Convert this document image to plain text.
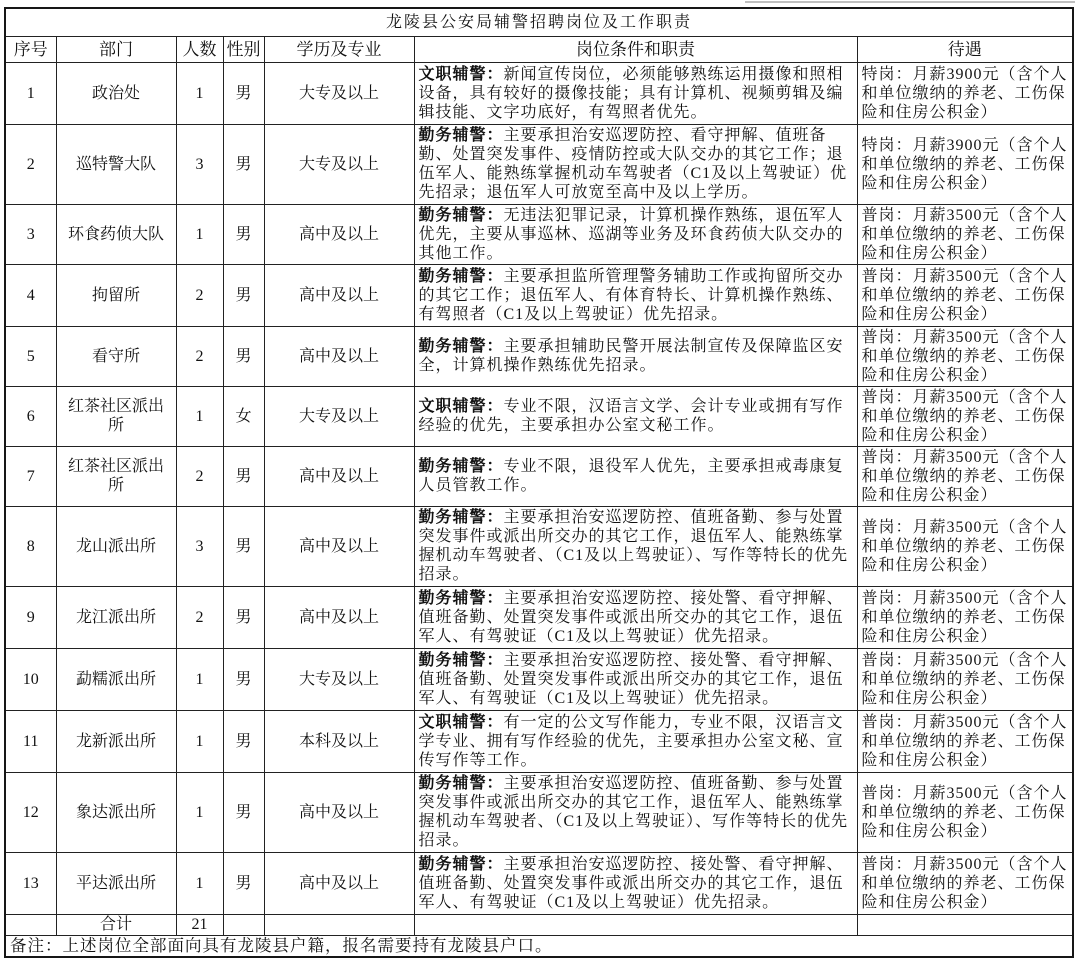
龙陵县公安局辅警招聘岗位及工作职责						
序号	部门	人数	性别	学历及专业	岗位条件和职责	待遇
1	政治处	1	男	大专及以上	文职辅警：新闻宣传岗位，必须能够熟练运用摄像和照相设备，具有较好的摄像技能；具有计算机、视频剪辑及编辑技能、文字功底好，有驾照者优先。	特岗：月薪3900元（含个人和单位缴纳的养老、工伤保险和住房公积金）
2	巡特警大队	3	男	大专及以上	勤务辅警：主要承担治安巡逻防控、看守押解、值班备勤、处置突发事件、疫情防控或大队交办的其它工作；退伍军人、能熟练掌握机动车驾驶者（C1及以上驾驶证）优先招录；退伍军人可放宽至高中及以上学历。	特岗：月薪3900元（含个人和单位缴纳的养老、工伤保险和住房公积金）
3	环食药侦大队	1	男	高中及以上	勤务辅警：无违法犯罪记录，计算机操作熟练，退伍军人优先，主要从事巡林、巡湖等业务及环食药侦大队交办的其他工作。	普岗：月薪3500元（含个人和单位缴纳的养老、工伤保险和住房公积金）
4	拘留所	2	男	高中及以上	勤务辅警：主要承担监所管理警务辅助工作或拘留所交办的其它工作；退伍军人、有体育特长、计算机操作熟练、有驾照者（C1及以上驾驶证）优先招录。	普岗：月薪3500元（含个人和单位缴纳的养老、工伤保险和住房公积金）
5	看守所	2	男	高中及以上	勤务辅警：主要承担辅助民警开展法制宣传及保障监区安全，计算机操作熟练优先招录。	普岗：月薪3500元（含个人和单位缴纳的养老、工伤保险和住房公积金）
6	红茶社区派出所	1	女	大专及以上	文职辅警：专业不限，汉语言文学、会计专业或拥有写作经验的优先，主要承担办公室文秘工作。	普岗：月薪3500元（含个人和单位缴纳的养老、工伤保险和住房公积金）
7	红茶社区派出所	2	男	高中及以上	勤务辅警：专业不限，退役军人优先，主要承担戒毒康复人员管教工作。	普岗：月薪3500元（含个人和单位缴纳的养老、工伤保险和住房公积金）
8	龙山派出所	3	男	高中及以上	勤务辅警：主要承担治安巡逻防控、值班备勤、参与处置突发事件或派出所交办的其它工作，退伍军人、能熟练掌握机动车驾驶者、（C1及以上驾驶证）、写作等特长的优先招录。	普岗：月薪3500元（含个人和单位缴纳的养老、工伤保险和住房公积金）
9	龙江派出所	2	男	高中及以上	勤务辅警：主要承担治安巡逻防控、接处警、看守押解、值班备勤、处置突发事件或派出所交办的其它工作，退伍军人、有驾驶证（C1及以上驾驶证）优先招录。	普岗：月薪3500元（含个人和单位缴纳的养老、工伤保险和住房公积金）
10	勐糯派出所	1	男	大专及以上	勤务辅警：主要承担治安巡逻防控、接处警、看守押解、值班备勤、处置突发事件或派出所交办的其它工作，退伍军人、有驾驶证（C1及以上驾驶证）优先招录。	普岗：月薪3500元（含个人和单位缴纳的养老、工伤保险和住房公积金）
11	龙新派出所	1	男	本科及以上	文职辅警：有一定的公文写作能力，专业不限，汉语言文学专业、拥有写作经验的优先，主要承担办公室文秘、宣传写作等工作。	普岗：月薪3500元（含个人和单位缴纳的养老、工伤保险和住房公积金）
12	象达派出所	1	男	高中及以上	勤务辅警：主要承担治安巡逻防控、值班备勤、参与处置突发事件或派出所交办的其它工作，退伍军人、能熟练掌握机动车驾驶者、（C1及以上驾驶证）、写作等特长的优先招录。	普岗：月薪3500元（含个人和单位缴纳的养老、工伤保险和住房公积金）
13	平达派出所	1	男	高中及以上	勤务辅警：主要承担治安巡逻防控、接处警、看守押解、值班备勤、处置突发事件或派出所交办的其它工作，退伍军人、有驾驶证（C1及以上驾驶证）优先招录。	普岗：月薪3500元（含个人和单位缴纳的养老、工伤保险和住房公积金）
	合计	21				
备注：上述岗位全部面向具有龙陵县户籍，报名需要持有龙陵县户口。						
